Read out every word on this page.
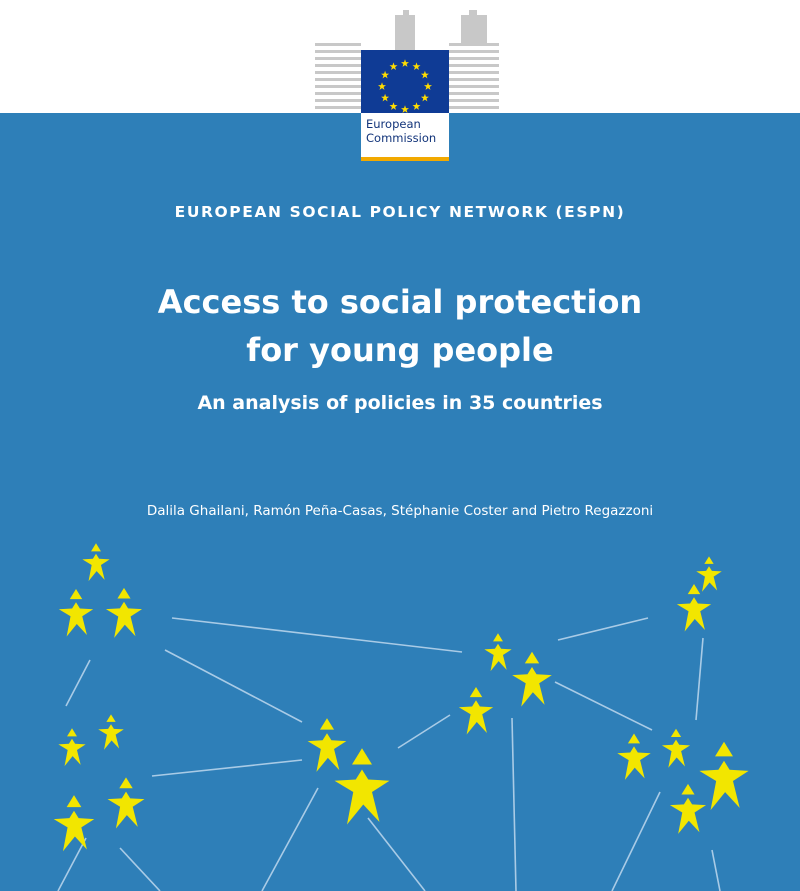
European
Commission
EUROPEAN SOCIAL POLICY NETWORK (ESPN)
Access to social protection
for young people
An analysis of policies in 35 countries
Dalila Ghailani, Ramón Peña-Casas, Stéphanie Coster and Pietro Regazzoni
